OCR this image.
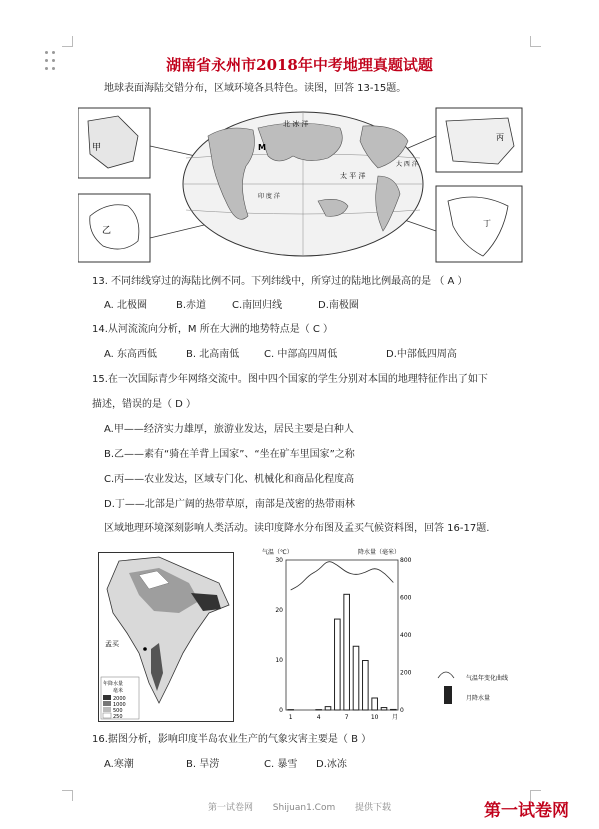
湖南省永州市2018年中考地理真题试题
地球表面海陆交错分布，区域环境各具特色。读图，回答 13-15题。
北 冰 洋
M
太 平 洋
大 西 洋
印 度 洋
甲
乙
丙
丁
13. 不同纬线穿过的海陆比例不同。下列纬线中，所穿过的陆地比例最高的是 （ A ）
A. 北极圈	B.赤道	C.南回归线	D.南极圈
14.从河流流向分析，M 所在大洲的地势特点是（ C ）
A. 东高西低	B. 北高南低 C. 中部高四周低	D.中部低四周高
15.在一次国际青少年网络交流中。图中四个国家的学生分别对本国的地理特征作出了如下
描述，错误的是（ D ）
A.甲——经济实力雄厚，旅游业发达，居民主要是白种人
B.乙——素有“骑在羊背上国家”、“坐在矿车里国家”之称
C.丙——农业发达，区域专门化、机械化和商品化程度高
D.丁——北部是广阔的热带草原，南部是茂密的热带雨林
区域地理环境深刻影响人类活动。读印度降水分布图及孟买气候资料图，回答 16-17题.
孟买
年降水量
毫米
2000
1000
500
250
气温（℃）	降水量（毫米）
30
20
10
0
800
600
400
200
0
1	4	7	10 月
气温年变化曲线
月降水量
16.据图分析，影响印度半岛农业生产的气象灾害主要是（ B ）
A.寒潮	B. 旱涝	C. 暴雪 D.冰冻
第一试卷网 Shijuan1.Com 提供下载	第一试卷网
